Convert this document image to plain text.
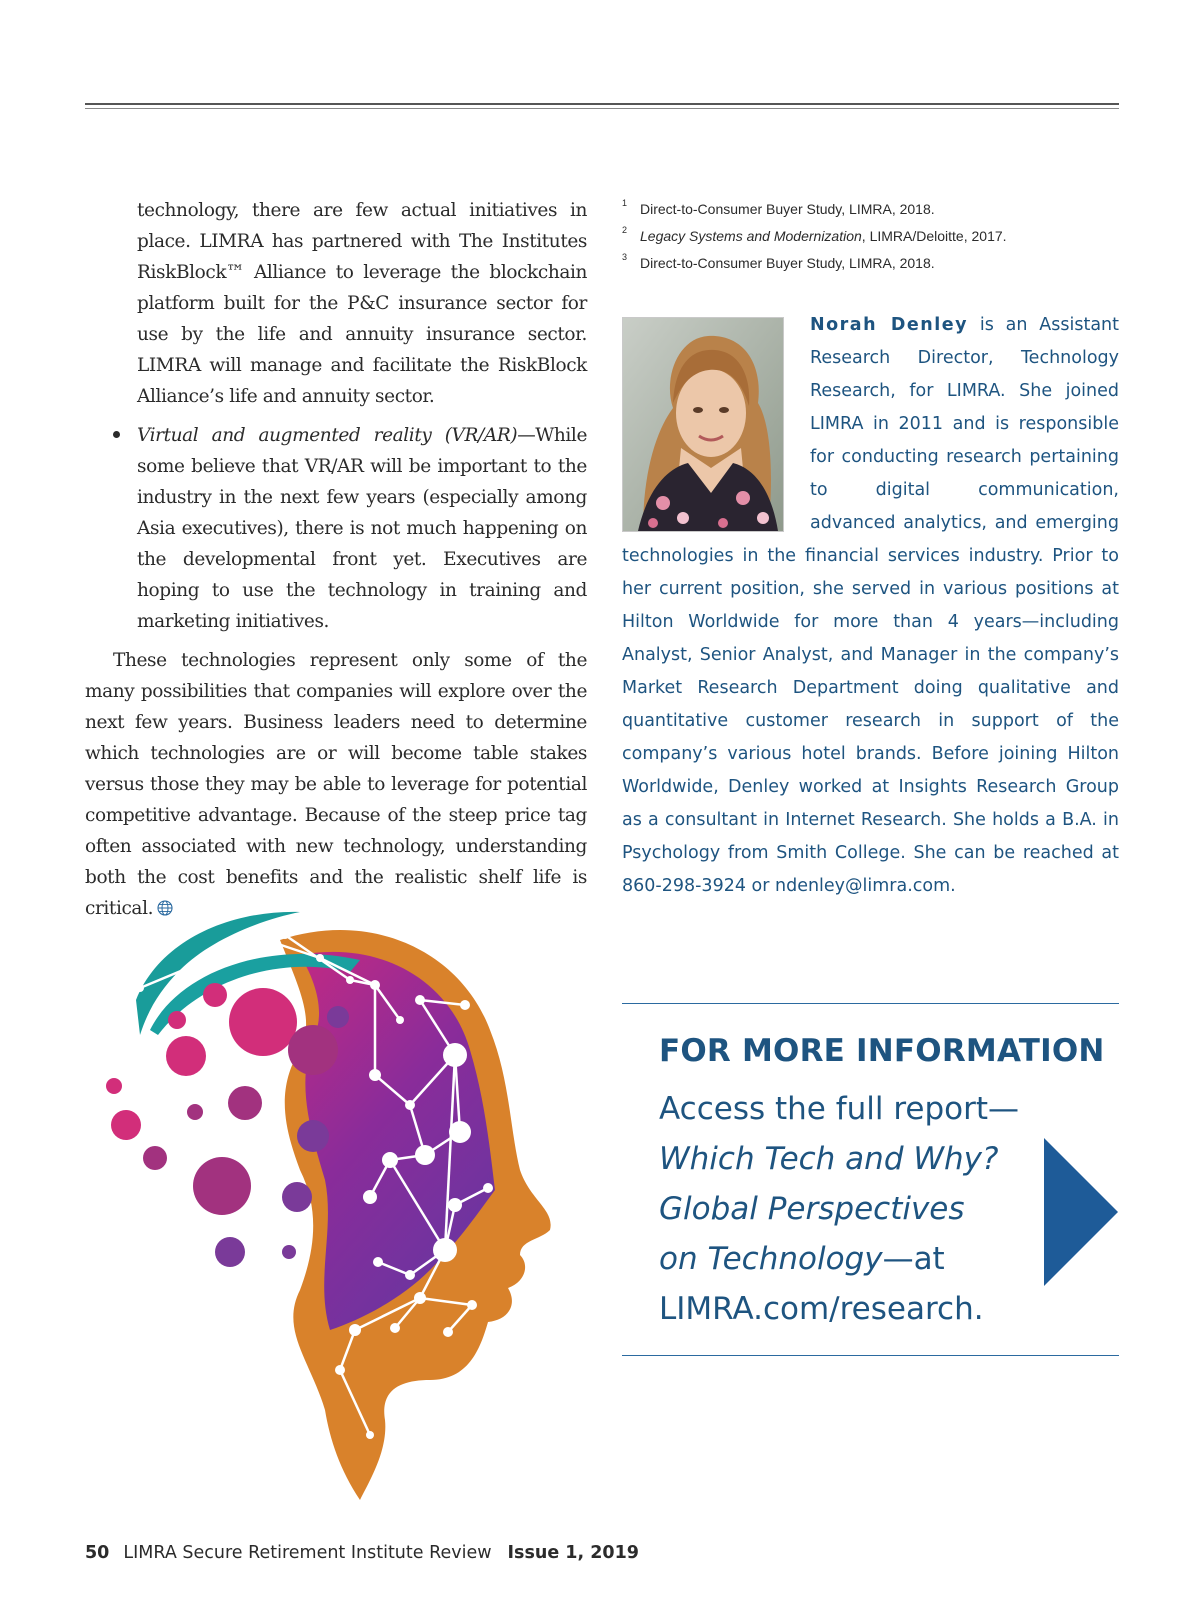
technology, there are few actual initiatives in place. LIMRA has partnered with The Institutes RiskBlock™ Alliance to leverage the blockchain platform built for the P&C insurance sector for use by the life and annuity insurance sector. LIMRA will manage and facilitate the RiskBlock Alliance’s life and annuity sector.

Virtual and augmented reality (VR/AR)—While some believe that VR/AR will be important to the industry in the next few years (especially among Asia executives), there is not much happening on the developmental front yet. Executives are hoping to use the technology in training and marketing initiatives.

These technologies represent only some of the many possibilities that companies will explore over the next few years. Business leaders need to determine which technologies are or will become table stakes versus those they may be able to leverage for potential competitive advantage. Because of the steep price tag often associated with new technology, understanding both the cost benefits and the realistic shelf life is critical.

1 Direct-to-Consumer Buyer Study, LIMRA, 2018.
2 Legacy Systems and Modernization, LIMRA/Deloitte, 2017.
3 Direct-to-Consumer Buyer Study, LIMRA, 2018.

Norah Denley is an Assistant Research Director, Technology Research, for LIMRA. She joined LIMRA in 2011 and is responsible for conducting research pertaining to digital communication, advanced analytics, and emerging technologies in the financial services industry. Prior to her current position, she served in various positions at Hilton Worldwide for more than 4 years—including Analyst, Senior Analyst, and Manager in the company’s Market Research Department doing qualitative and quantitative customer research in support of the company’s various hotel brands. Before joining Hilton Worldwide, Denley worked at Insights Research Group as a consultant in Internet Research. She holds a B.A. in Psychology from Smith College. She can be reached at 860-298-3924 or ndenley@limra.com.

FOR MORE INFORMATION
Access the full report—
Which Tech and Why?
Global Perspectives
on Technology—at
LIMRA.com/research.
50 LIMRA Secure Retirement Institute Review Issue 1, 2019
